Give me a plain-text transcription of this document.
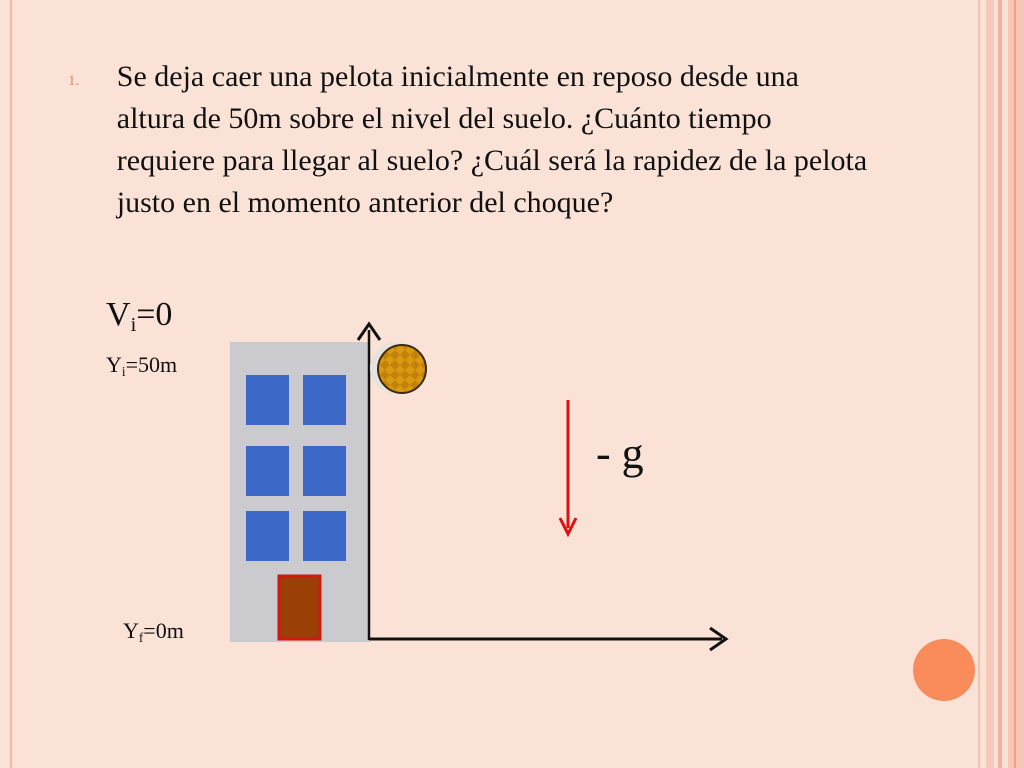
1.	Se deja caer una pelota inicialmente en reposo desde una altura de 50m sobre el nivel del suelo. ¿Cuánto tiempo requiere para llegar al suelo? ¿Cuál será la rapidez de la pelota justo en el momento anterior del choque?
$V_i=0$
$Y_i=50m$
$Y_f=0m$
- g
